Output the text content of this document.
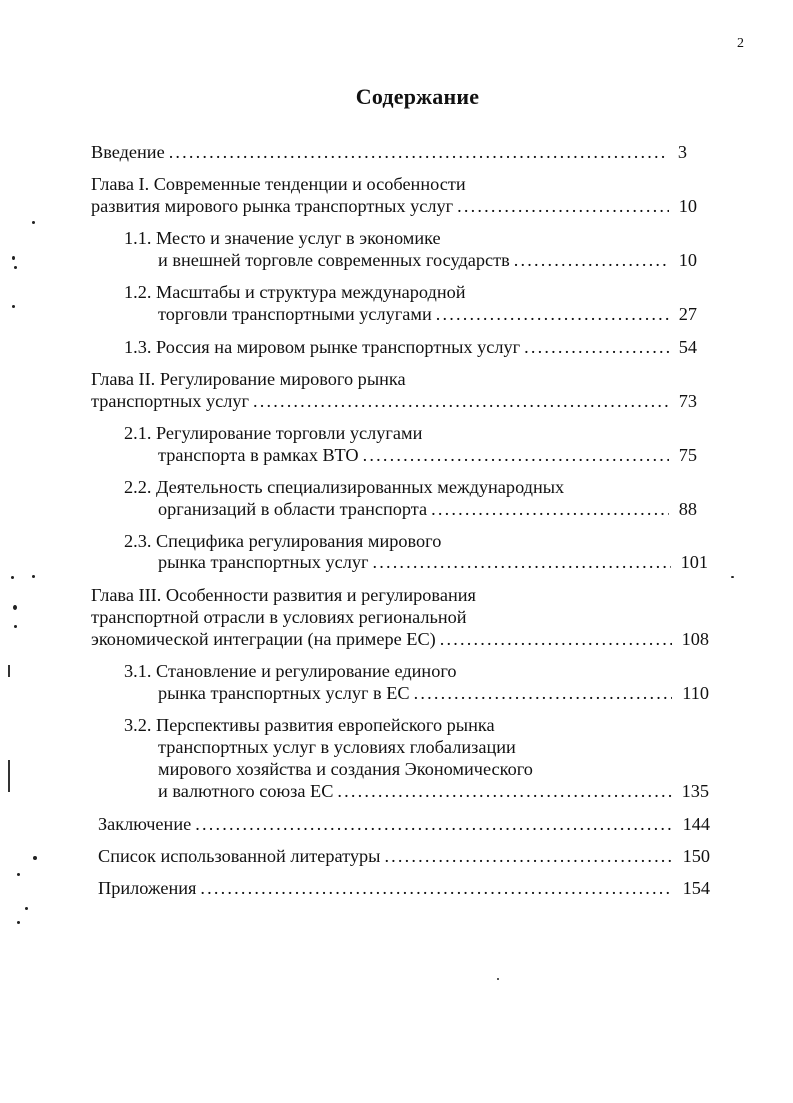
2
Содержание
Введение . . .	3
Глава I. Современные тенденции и особенности
развития мирового рынка транспортных услуг . . .	10
1.1. Место и значение услуг в экономике
и внешней торговле современных государств . . .	10
1.2. Масштабы и структура международной
торговли транспортными услугами . . .	27
1.3. Россия на мировом рынке транспортных услуг . . .	54
Глава II. Регулирование мирового рынка
транспортных услуг . . .	73
2.1. Регулирование торговли услугами
транспорта в рамках ВТО . . .	75
2.2. Деятельность специализированных международных
организаций в области транспорта . . .	88
2.3. Специфика регулирования мирового
рынка транспортных услуг . . .	101
Глава III. Особенности развития и регулирования
транспортной отрасли в условиях региональной
экономической интеграции (на примере ЕС) . . .	108
3.1. Становление и регулирование единого
рынка транспортных услуг в ЕС . . .	110
3.2. Перспективы развития европейского рынка
транспортных услуг в условиях глобализации
мирового хозяйства и создания Экономического
и валютного союза ЕС . . .	135
Заключение . . .	144
Список использованной литературы . . .	150
Приложения . . .	154
